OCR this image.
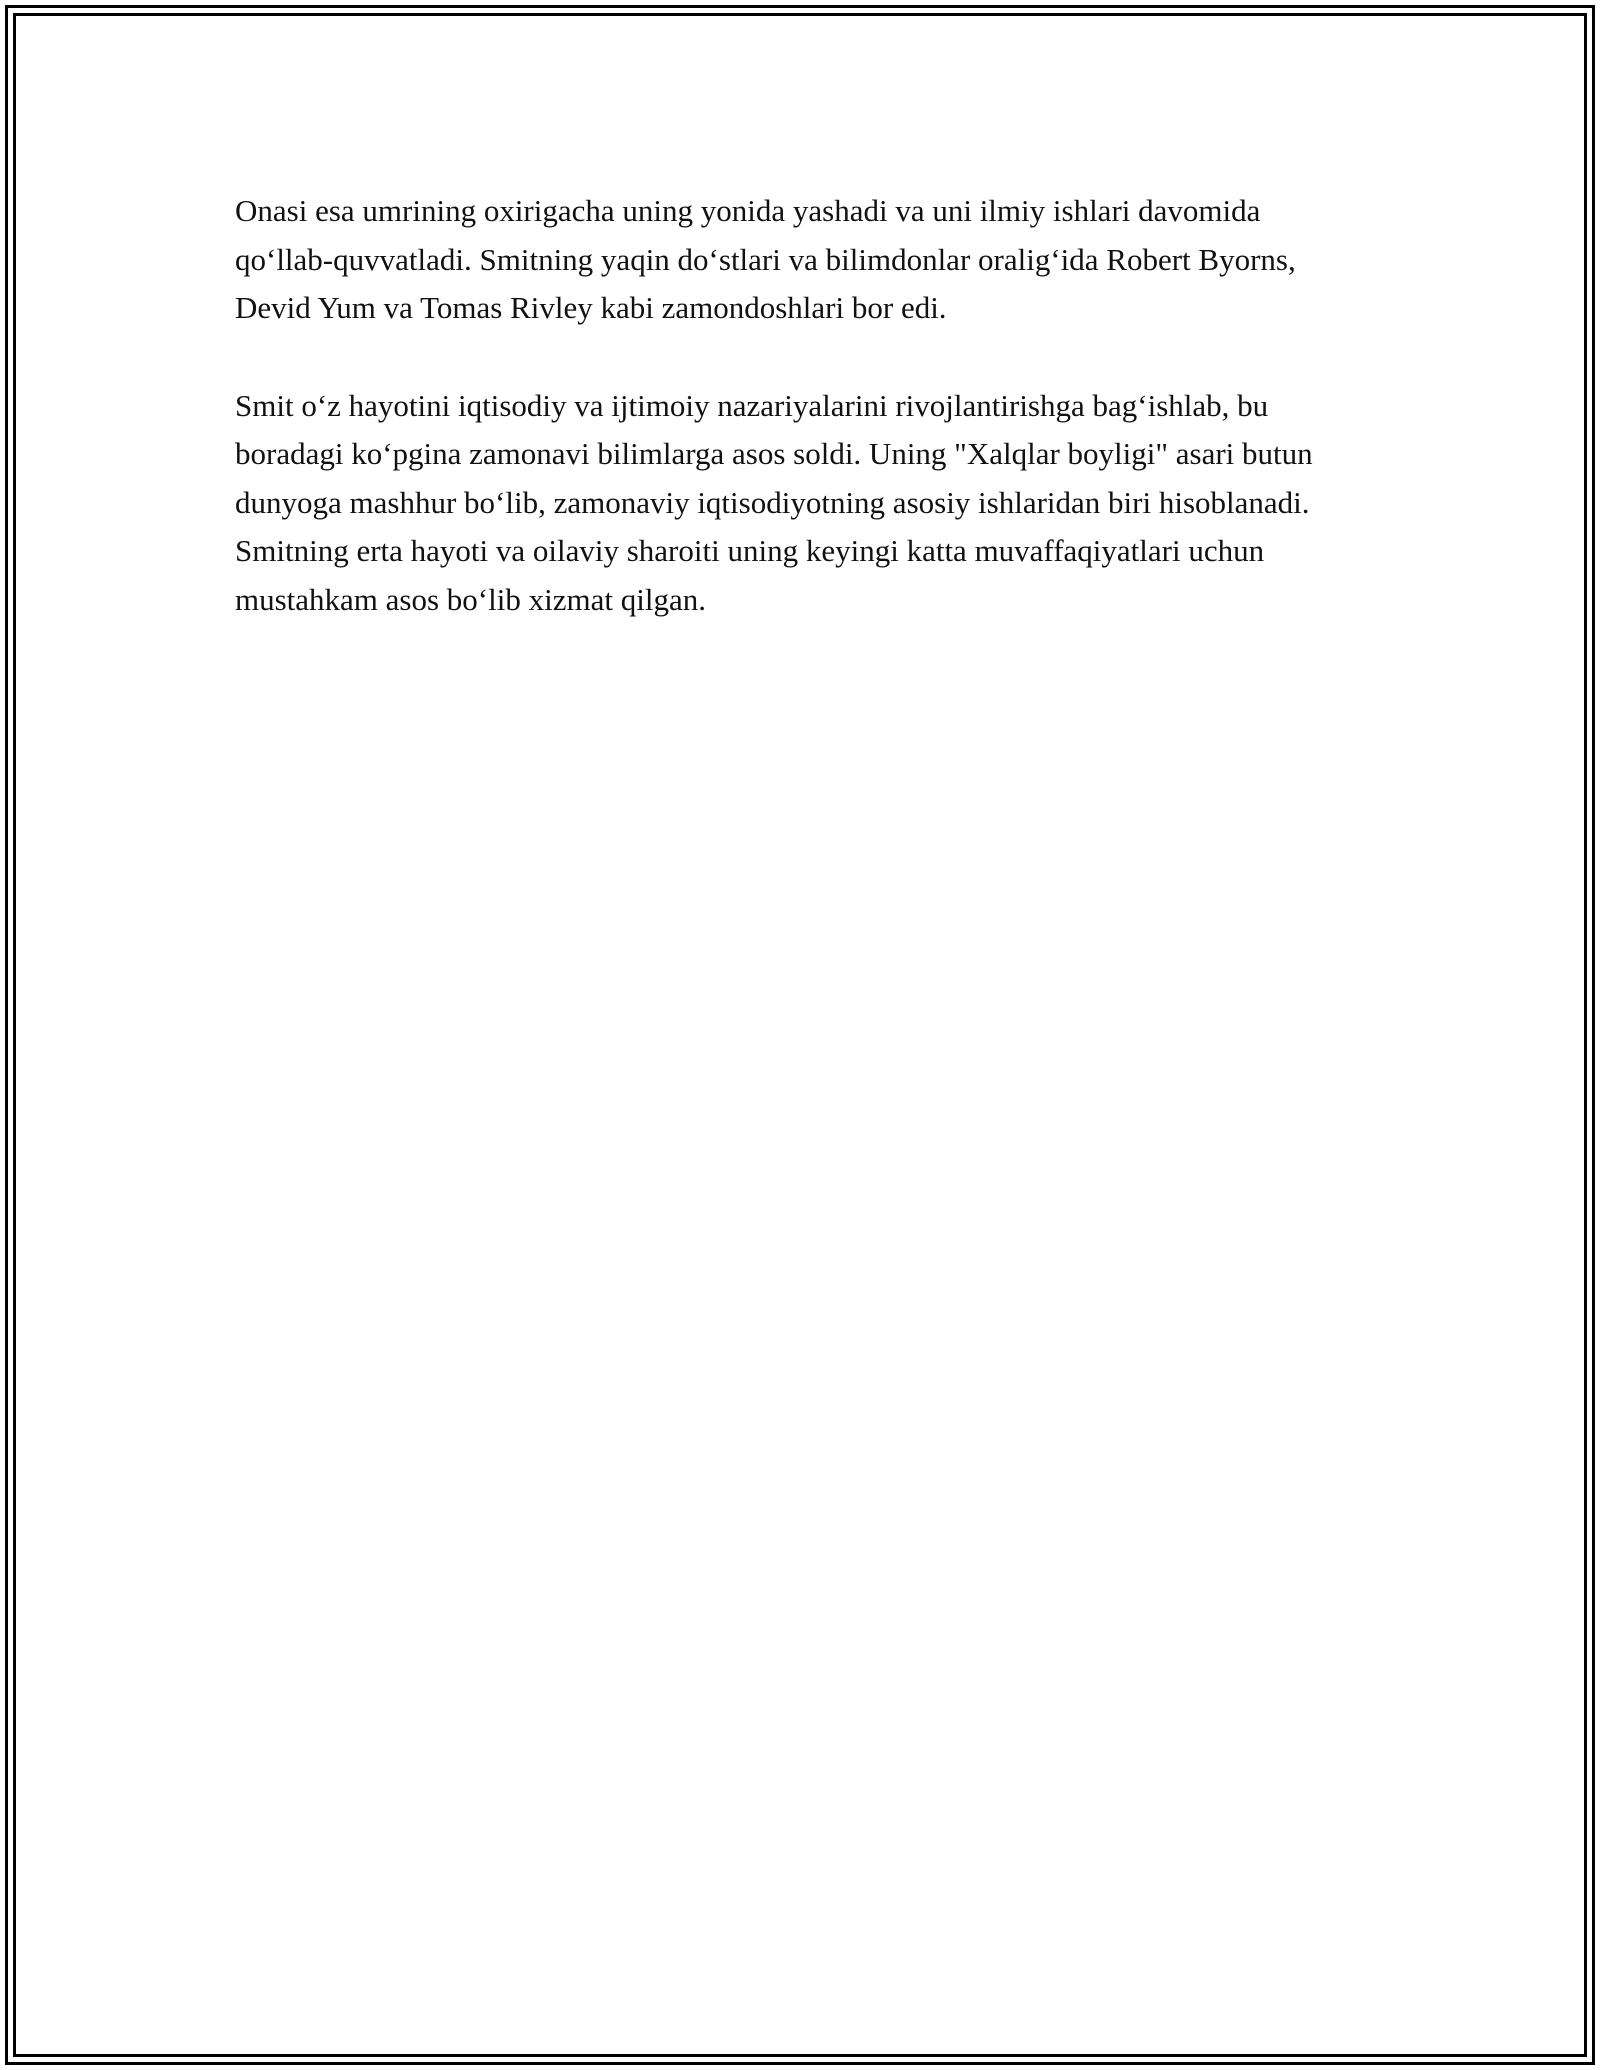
Onasi esa umrining oxirigacha uning yonida yashadi va uni ilmiy ishlari davomida qo‘llab-quvvatladi. Smitning yaqin do‘stlari va bilimdonlar oralig‘ida Robert Byorns, Devid Yum va Tomas Rivley kabi zamondoshlari bor edi.

Smit o‘z hayotini iqtisodiy va ijtimoiy nazariyalarini rivojlantirishga bag‘ishlab, bu boradagi ko‘pgina zamonavi bilimlarga asos soldi. Uning "Xalqlar boyligi" asari butun dunyoga mashhur bo‘lib, zamonaviy iqtisodiyotning asosiy ishlaridan biri hisoblanadi. Smitning erta hayoti va oilaviy sharoiti uning keyingi katta muvaffaqiyatlari uchun mustahkam asos bo‘lib xizmat qilgan.
